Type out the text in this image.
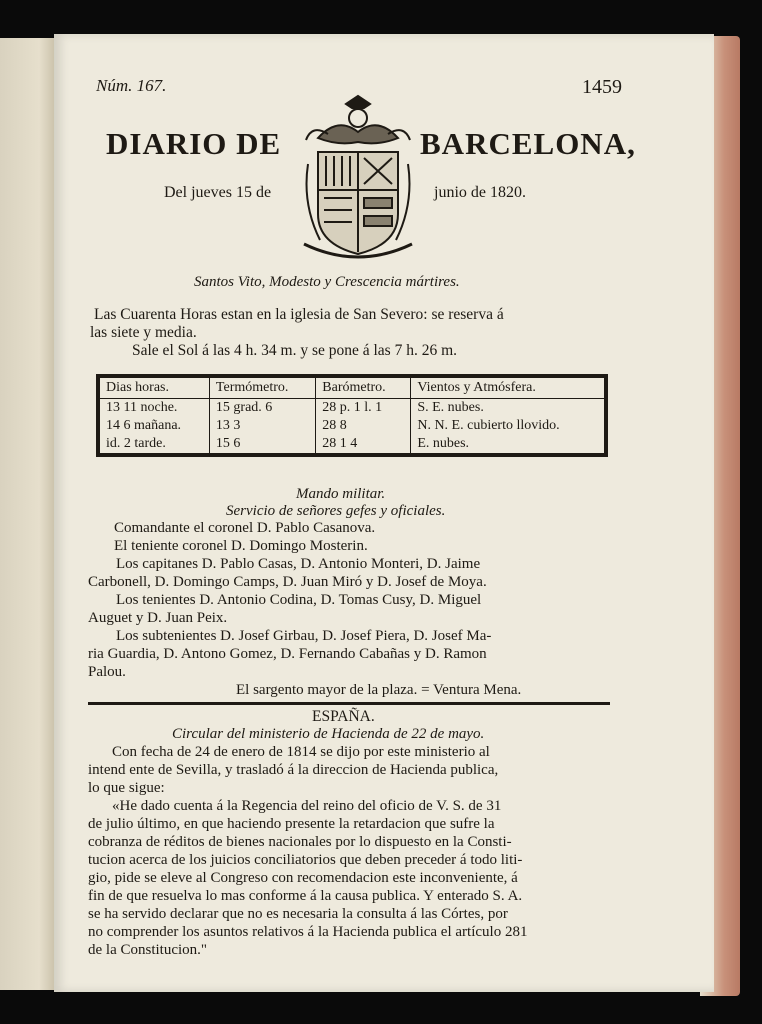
Núm. 167.	1459
DIARIO DE	BARCELONA,
Del jueves 15 de	junio de 1820.
Santos Vito, Modesto y Crescencia mártires.
Las Cuarenta Horas estan en la iglesia de San Severo: se reserva á
las siete y media.
Sale el Sol á las 4 h. 34 m. y se pone á las 7 h. 26 m.
Dias horas.	Termómetro.	Barómetro.	Vientos y Atmósfera.
13 11 noche.	15 grad. 6	28 p. 1 l. 1	S. E. nubes.
14 6 mañana.	13 3	28 8	N. N. E. cubierto llovido.
id. 2 tarde.	15 6	28 1 4	E. nubes.
Mando militar.
Servicio de señores gefes y oficiales.
Comandante el coronel D. Pablo Casanova.
El teniente coronel D. Domingo Mosterin.
Los capitanes D. Pablo Casas, D. Antonio Monteri, D. Jaime
Carbonell, D. Domingo Camps, D. Juan Miró y D. Josef de Moya.
Los tenientes D. Antonio Codina, D. Tomas Cusy, D. Miguel
Auguet y D. Juan Peix.
Los subtenientes D. Josef Girbau, D. Josef Piera, D. Josef Ma-
ria Guardia, D. Antono Gomez, D. Fernando Cabañas y D. Ramon
Palou.
El sargento mayor de la plaza. = Ventura Mena.
ESPAÑA.
Circular del ministerio de Hacienda de 22 de mayo.
Con fecha de 24 de enero de 1814 se dijo por este ministerio al
intend ente de Sevilla, y trasladó á la direccion de Hacienda publica,
lo que sigue:
«He dado cuenta á la Regencia del reino del oficio de V. S. de 31
de julio último, en que haciendo presente la retardacion que sufre la
cobranza de réditos de bienes nacionales por lo dispuesto en la Consti-
tucion acerca de los juicios conciliatorios que deben preceder á todo liti-
gio, pide se eleve al Congreso con recomendacion este inconveniente, á
fin de que resuelva lo mas conforme á la causa publica. Y enterado S. A.
se ha servido declarar que no es necesaria la consulta á las Córtes, por
no comprender los asuntos relativos á la Hacienda publica el artículo 281
de la Constitucion."
